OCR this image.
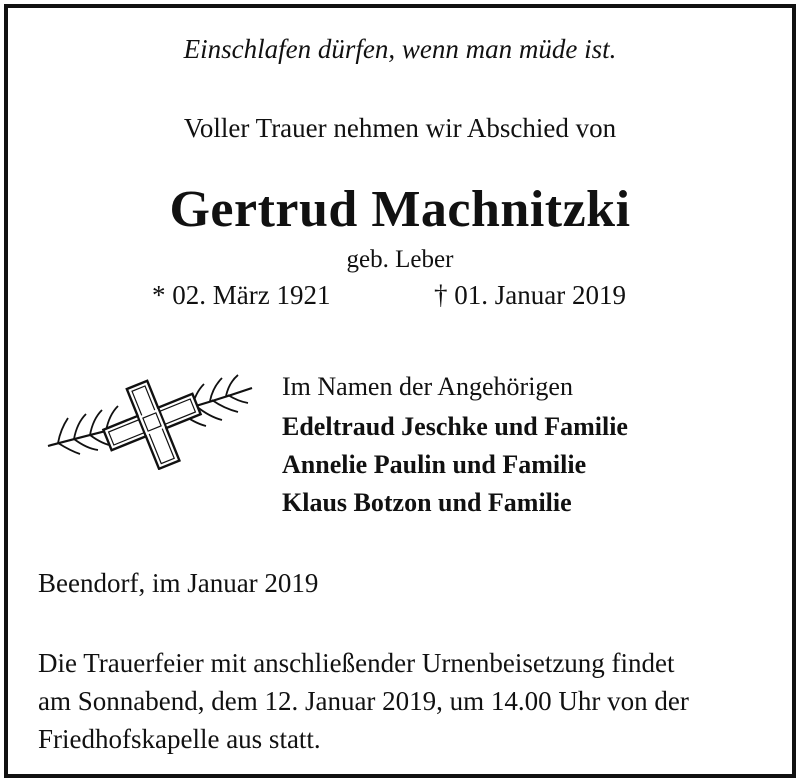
Einschlafen dürfen, wenn man müde ist.
Voller Trauer nehmen wir Abschied von
Gertrud Machnitzki
geb. Leber
* 02. März 1921	† 01. Januar 2019
Im Namen der Angehörigen
Edeltraud Jeschke und Familie
Annelie Paulin und Familie
Klaus Botzon und Familie
Beendorf, im Januar 2019
Die Trauerfeier mit anschließender Urnenbeisetzung findet
am Sonnabend, dem 12. Januar 2019, um 14.00 Uhr von der
Friedhofskapelle aus statt.
